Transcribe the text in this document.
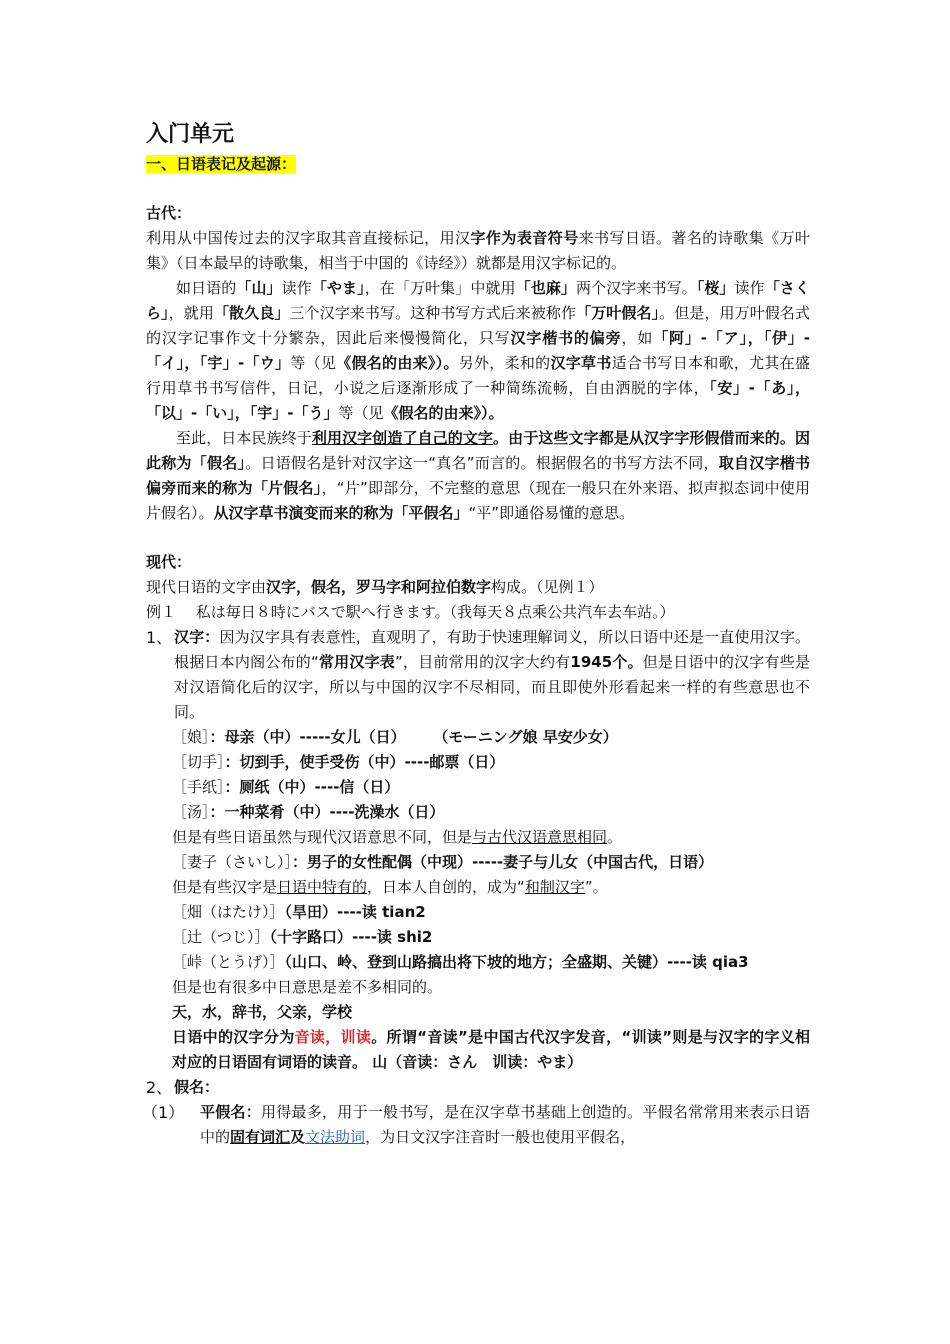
入门单元

一、日语表记及起源：

古代：

利用从中国传过去的汉字取其音直接标记，用汉字作为表音符号来书写日语。著名的诗歌集《万叶集》（日本最早的诗歌集，相当于中国的《诗经》）就都是用汉字标记的。

如日语的「山」读作「やま」，在「万叶集」中就用「也麻」两个汉字来书写。「桜」读作「さくら」，就用「散久良」三个汉字来书写。这种书写方式后来被称作「万叶假名」。但是，用万叶假名式的汉字记事作文十分繁杂，因此后来慢慢简化，只写汉字楷书的偏旁，如「阿」-「ア」，「伊」-「イ」，「宇」-「ウ」等（见《假名的由来》）。另外，柔和的汉字草书适合书写日本和歌，尤其在盛行用草书书写信件，日记，小说之后逐渐形成了一种简练流畅，自由洒脱的字体，「安」-「あ」，「以」-「い」，「宇」-「う」等（见《假名的由来》）。

至此，日本民族终于利用汉字创造了自己的文字。由于这些文字都是从汉字字形假借而来的。因此称为「假名」。日语假名是针对汉字这一“真名”而言的。根据假名的书写方法不同，取自汉字楷书偏旁而来的称为「片假名」，“片”即部分，不完整的意思（现在一般只在外来语、拟声拟态词中使用片假名）。从汉字草书演变而来的称为「平假名」“平”即通俗易懂的意思。

现代：

现代日语的文字由汉字，假名，罗马字和阿拉伯数字构成。（见例１）

例１　 私は毎日８時にバスで駅へ行きます。（我每天８点乘公共汽车去车站。）

1、 汉字：因为汉字具有表意性，直观明了，有助于快速理解词义，所以日语中还是一直使用汉字。根据日本内阁公布的“常用汉字表”，目前常用的汉字大约有1945个。但是日语中的汉字有些是对汉语简化后的汉字，所以与中国的汉字不尽相同，而且即使外形看起来一样的有些意思也不同。

［娘］：母亲（中）-----女儿（日）　　 （モーニング娘 早安少女）

［切手］：切到手，使手受伤（中）----邮票（日）

［手纸］：厕纸（中）----信（日）

［汤］：一种菜肴（中）----洗澡水（日）

但是有些日语虽然与现代汉语意思不同，但是与古代汉语意思相同。

［妻子（さいし）］：男子的女性配偶（中现）-----妻子与儿女（中国古代，日语）

但是有些汉字是日语中特有的，日本人自创的，成为“和制汉字”。

［畑（はたけ）］（旱田）----读 tian2

［辻（つじ）］（十字路口）----读 shi2

［峠（とうげ）］（山口、岭、登到山路搞出将下坡的地方；全盛期、关键）----读 qia3

但是也有很多中日意思是差不多相同的。

天，水，辞书，父亲，学校

日语中的汉字分为音读，训读。所谓“音读”是中国古代汉字发音，“训读”则是与汉字的字义相对应的日语固有词语的读音。 山（音读：さん　训读：やま）

2、 假名：

（1）	平假名：用得最多，用于一般书写，是在汉字草书基础上创造的。平假名常常用来表示日语中的固有词汇及文法助词，为日文汉字注音时一般也使用平假名，
